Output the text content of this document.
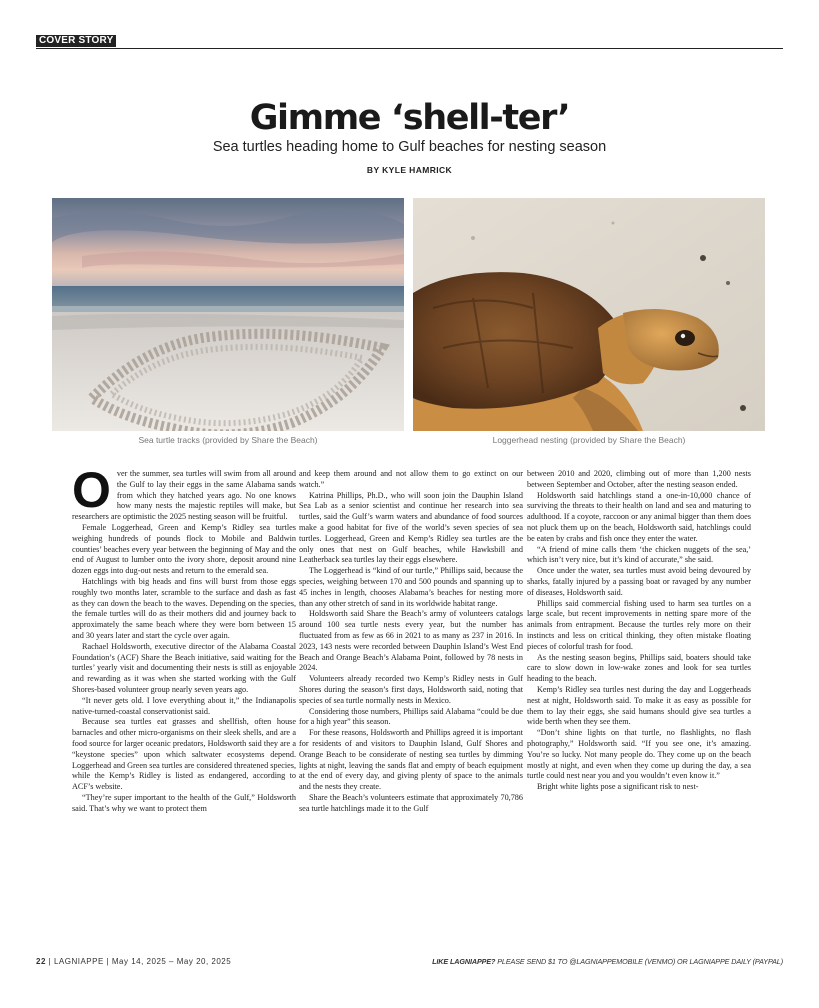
COVER STORY
Gimme ‘shell-ter’
Sea turtles heading home to Gulf beaches for nesting season
BY KYLE HAMRICK
Sea turtle tracks (provided by Share the Beach)	Loggerhead nesting (provided by Share the Beach)

Over the summer, sea turtles will swim from all around the Gulf to lay their eggs in the same Alabama sands from which they hatched years ago. No one knows how many nests the majestic reptiles will make, but researchers are optimistic the 2025 nesting season will be fruitful.

Female Loggerhead, Green and Kemp’s Ridley sea turtles weighing hundreds of pounds flock to Mobile and Baldwin counties’ beaches every year between the beginning of May and the end of August to lumber onto the ivory shore, deposit around nine dozen eggs into dug-out nests and return to the emerald sea.

Hatchlings with big heads and fins will burst from those eggs roughly two months later, scramble to the surface and dash as fast as they can down the beach to the waves. Depending on the species, the female turtles will do as their mothers did and journey back to approximately the same beach where they were born between 15 and 30 years later and start the cycle over again.

Rachael Holdsworth, executive director of the Alabama Coastal Foundation’s (ACF) Share the Beach initiative, said waiting for the turtles’ yearly visit and documenting their nests is still as enjoyable and rewarding as it was when she started working with the Gulf Shores-based volunteer group nearly seven years ago.

“It never gets old. I love everything about it,” the Indianapolis native-turned-coastal conservationist said.

Because sea turtles eat grasses and shellfish, often house barnacles and other micro-organisms on their sleek shells, and are a food source for larger oceanic predators, Holdsworth said they are a “keystone species” upon which saltwater ecosystems depend. Loggerhead and Green sea turtles are considered threatened species, while the Kemp’s Ridley is listed as endangered, according to ACF’s website.

“They’re super important to the health of the Gulf,” Holdsworth said. That’s why we want to protect them

and keep them around and not allow them to go extinct on our watch.”

Katrina Phillips, Ph.D., who will soon join the Dauphin Island Sea Lab as a senior scientist and continue her research into sea turtles, said the Gulf’s warm waters and abundance of food sources make a good habitat for five of the world’s seven species of sea turtles. Loggerhead, Green and Kemp’s Ridley sea turtles are the only ones that nest on Gulf beaches, while Hawksbill and Leatherback sea turtles lay their eggs elsewhere.

The Loggerhead is “kind of our turtle,” Phillips said, because the species, weighing between 170 and 500 pounds and spanning up to 45 inches in length, chooses Alabama’s beaches for nesting more than any other stretch of sand in its worldwide habitat range.

Holdsworth said Share the Beach’s army of volunteers catalogs around 100 sea turtle nests every year, but the number has fluctuated from as few as 66 in 2021 to as many as 237 in 2016. In 2023, 143 nests were recorded between Dauphin Island’s West End Beach and Orange Beach’s Alabama Point, followed by 78 nests in 2024.

Volunteers already recorded two Kemp’s Ridley nests in Gulf Shores during the season’s first days, Holdsworth said, noting that species of sea turtle normally nests in Mexico.

Considering those numbers, Phillips said Alabama “could be due for a high year” this season.

For these reasons, Holdsworth and Phillips agreed it is important for residents of and visitors to Dauphin Island, Gulf Shores and Orange Beach to be considerate of nesting sea turtles by dimming lights at night, leaving the sands flat and empty of beach equipment at the end of every day, and giving plenty of space to the animals and the nests they create.

Share the Beach’s volunteers estimate that approximately 70,786 sea turtle hatchlings made it to the Gulf

between 2010 and 2020, climbing out of more than 1,200 nests between September and October, after the nesting season ended.

Holdsworth said hatchlings stand a one-in-10,000 chance of surviving the threats to their health on land and sea and maturing to adulthood. If a coyote, raccoon or any animal bigger than them does not pluck them up on the beach, Holdsworth said, hatchlings could be eaten by crabs and fish once they enter the water.

“A friend of mine calls them ‘the chicken nuggets of the sea,’ which isn’t very nice, but it’s kind of accurate,” she said.

Once under the water, sea turtles must avoid being devoured by sharks, fatally injured by a passing boat or ravaged by any number of diseases, Holdsworth said.

Phillips said commercial fishing used to harm sea turtles on a large scale, but recent improvements in netting spare more of the animals from entrapment. Because the turtles rely more on their instincts and less on critical thinking, they often mistake floating pieces of colorful trash for food.

As the nesting season begins, Phillips said, boaters should take care to slow down in low-wake zones and look for sea turtles heading to the beach.

Kemp’s Ridley sea turtles nest during the day and Loggerheads nest at night, Holdsworth said. To make it as easy as possible for them to lay their eggs, she said humans should give sea turtles a wide berth when they see them.

“Don’t shine lights on that turtle, no flashlights, no flash photography,” Holdsworth said. “If you see one, it’s amazing. You’re so lucky. Not many people do. They come up on the beach mostly at night, and even when they come up during the day, a sea turtle could nest near you and you wouldn’t even know it.”

Bright white lights pose a significant risk to nest-

22 | LAGNIAPPE | May 14, 2025 – May 20, 2025	LIKE LAGNIAPPE? PLEASE SEND $1 TO @LAGNIAPPEMOBILE (VENMO) OR LAGNIAPPE DAILY (PAYPAL)
